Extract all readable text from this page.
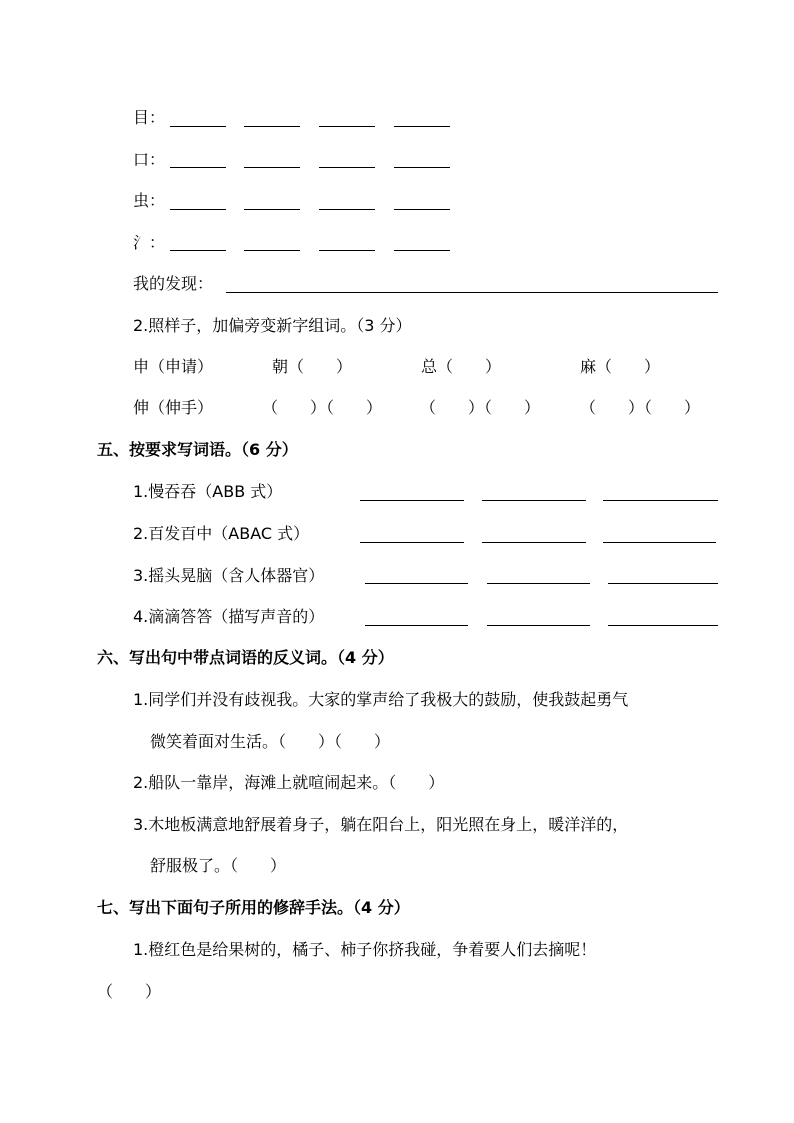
目：
口：
虫：
氵：
我的发现：
2.照样子，加偏旁变新字组词。（3 分）
申（申请）	朝（　　）	总（　　）	麻（　　）
伸（伸手）	（　　）（　　） （　　）（　　） （　　）（　　）
五、按要求写词语。（6 分）
1.慢吞吞（ABB 式）
2.百发百中（ABAC 式）
3.摇头晃脑（含人体器官）
4.滴滴答答（描写声音的）
六、写出句中带点词语的反义词。（4 分）
1.同学们并没有歧视我。大家的掌声给了我极大的鼓励，使我鼓起勇气
微笑着面对生活。（　　）（　　）
2.船队一靠岸，海滩上就喧闹起来。（　　）
3.木地板满意地舒展着身子，躺在阳台上，阳光照在身上，暖洋洋的，
舒服极了。（　　）
七、写出下面句子所用的修辞手法。（4 分）
1.橙红色是给果树的，橘子、柿子你挤我碰，争着要人们去摘呢！
（　　）
